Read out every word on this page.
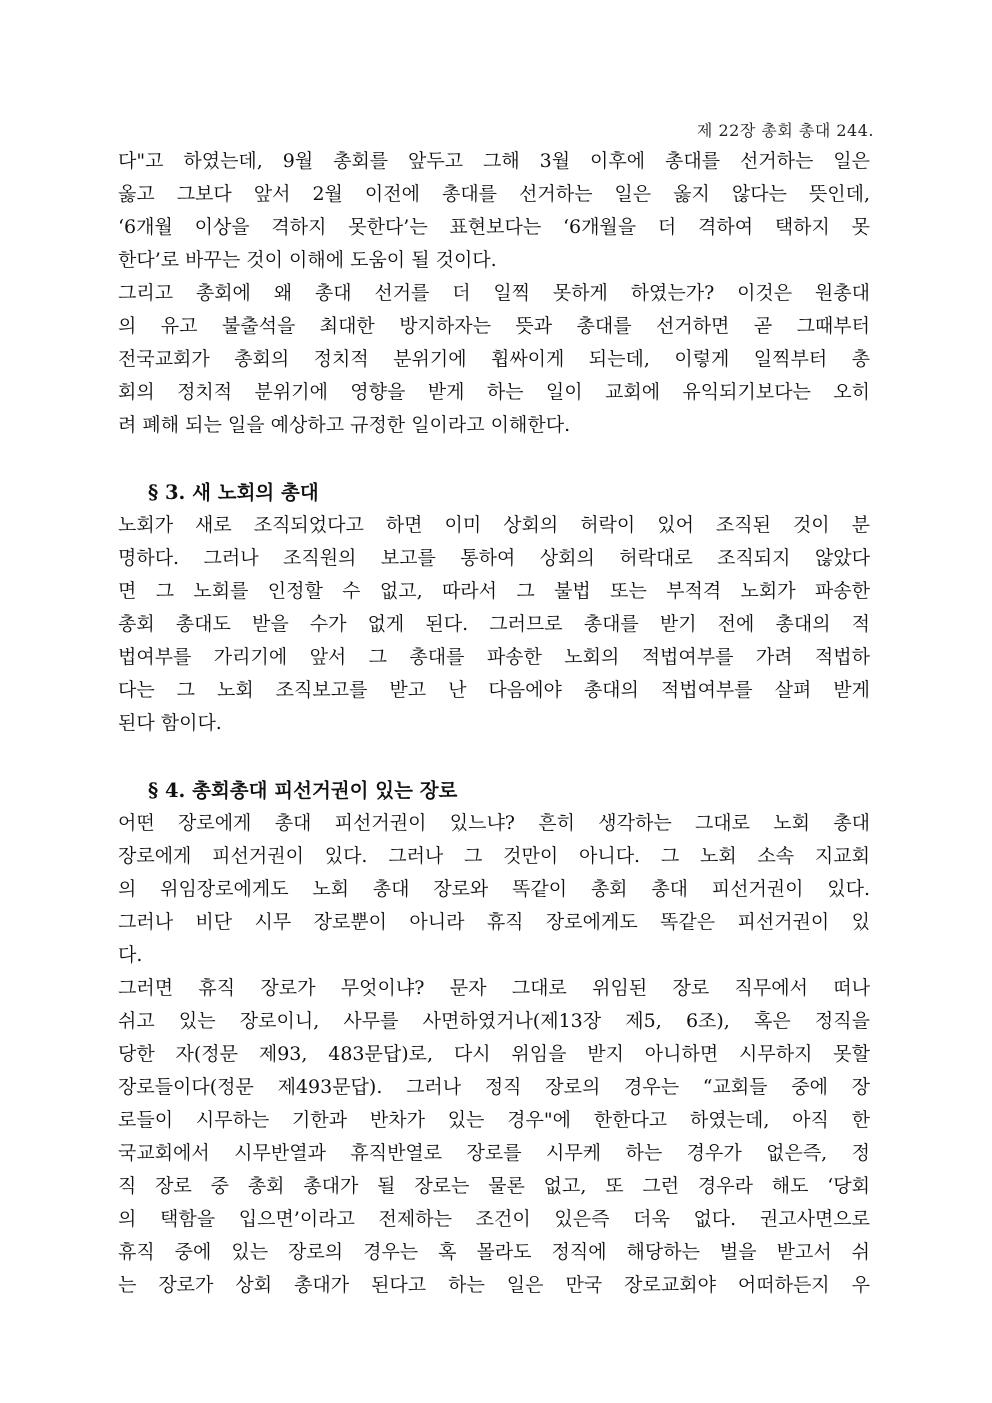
제 22장 총회 총대 244.
다"고 하였는데, 9월 총회를 앞두고 그해 3월 이후에 총대를 선거하는 일은
옳고 그보다 앞서 2월 이전에 총대를 선거하는 일은 옳지 않다는 뜻인데,
‘6개월 이상을 격하지 못한다’는 표현보다는 ‘6개월을 더 격하여 택하지 못
한다’로 바꾸는 것이 이해에 도움이 될 것이다.
그리고 총회에 왜 총대 선거를 더 일찍 못하게 하였는가? 이것은 원총대
의 유고 불출석을 최대한 방지하자는 뜻과 총대를 선거하면 곧 그때부터
전국교회가 총회의 정치적 분위기에 휩싸이게 되는데, 이렇게 일찍부터 총
회의 정치적 분위기에 영향을 받게 하는 일이 교회에 유익되기보다는 오히
려 폐해 되는 일을 예상하고 규정한 일이라고 이해한다.
§ 3. 새 노회의 총대
노회가 새로 조직되었다고 하면 이미 상회의 허락이 있어 조직된 것이 분
명하다. 그러나 조직원의 보고를 통하여 상회의 허락대로 조직되지 않았다
면 그 노회를 인정할 수 없고, 따라서 그 불법 또는 부적격 노회가 파송한
총회 총대도 받을 수가 없게 된다. 그러므로 총대를 받기 전에 총대의 적
법여부를 가리기에 앞서 그 총대를 파송한 노회의 적법여부를 가려 적법하
다는 그 노회 조직보고를 받고 난 다음에야 총대의 적법여부를 살펴 받게
된다 함이다.
§ 4. 총회총대 피선거권이 있는 장로
어떤 장로에게 총대 피선거권이 있느냐? 흔히 생각하는 그대로 노회 총대
장로에게 피선거권이 있다. 그러나 그 것만이 아니다. 그 노회 소속 지교회
의 위임장로에게도 노회 총대 장로와 똑같이 총회 총대 피선거권이 있다.
그러나 비단 시무 장로뿐이 아니라 휴직 장로에게도 똑같은 피선거권이 있
다.
그러면 휴직 장로가 무엇이냐? 문자 그대로 위임된 장로 직무에서 떠나
쉬고 있는 장로이니, 사무를 사면하였거나(제13장 제5, 6조), 혹은 정직을
당한 자(정문 제93, 483문답)로, 다시 위임을 받지 아니하면 시무하지 못할
장로들이다(정문 제493문답). 그러나 정직 장로의 경우는 “교회들 중에 장
로들이 시무하는 기한과 반차가 있는 경우"에 한한다고 하였는데, 아직 한
국교회에서 시무반열과 휴직반열로 장로를 시무케 하는 경우가 없은즉, 정
직 장로 중 총회 총대가 될 장로는 물론 없고, 또 그런 경우라 해도 ‘당회
의 택함을 입으면’이라고 전제하는 조건이 있은즉 더욱 없다. 권고사면으로
휴직 중에 있는 장로의 경우는 혹 몰라도 정직에 해당하는 벌을 받고서 쉬
는 장로가 상회 총대가 된다고 하는 일은 만국 장로교회야 어떠하든지 우
